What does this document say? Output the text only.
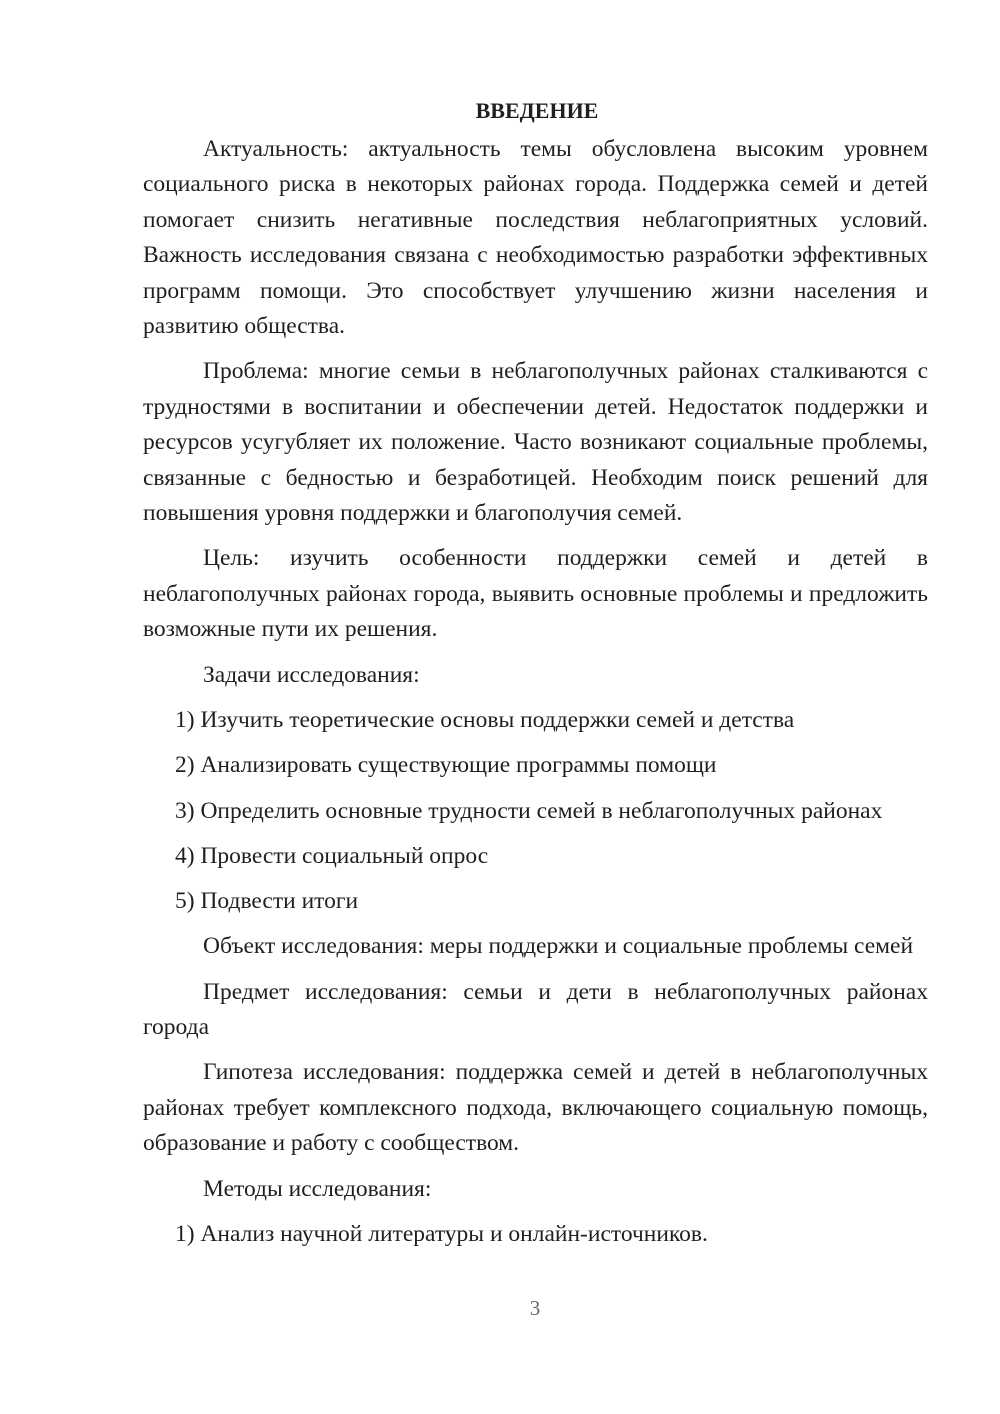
ВВЕДЕНИЕ

Актуальность: актуальность темы обусловлена высоким уровнем социального риска в некоторых районах города. Поддержка семей и детей помогает снизить негативные последствия неблагоприятных условий. Важность исследования связана с необходимостью разработки эффективных программ помощи. Это способствует улучшению жизни населения и развитию общества.

Проблема: многие семьи в неблагополучных районах сталкиваются с трудностями в воспитании и обеспечении детей. Недостаток поддержки и ресурсов усугубляет их положение. Часто возникают социальные проблемы, связанные с бедностью и безработицей. Необходим поиск решений для повышения уровня поддержки и благополучия семей.

Цель: изучить особенности поддержки семей и детей в неблагополучных районах города, выявить основные проблемы и предложить возможные пути их решения.

Задачи исследования:

1) Изучить теоретические основы поддержки семей и детства

2) Анализировать существующие программы помощи

3) Определить основные трудности семей в неблагополучных районах

4) Провести социальный опрос

5) Подвести итоги

Объект исследования: меры поддержки и социальные проблемы семей

Предмет исследования: семьи и дети в неблагополучных районах города

Гипотеза исследования: поддержка семей и детей в неблагополучных районах требует комплексного подхода, включающего социальную помощь, образование и работу с сообществом.

Методы исследования:

1) Анализ научной литературы и онлайн-источников.

3
